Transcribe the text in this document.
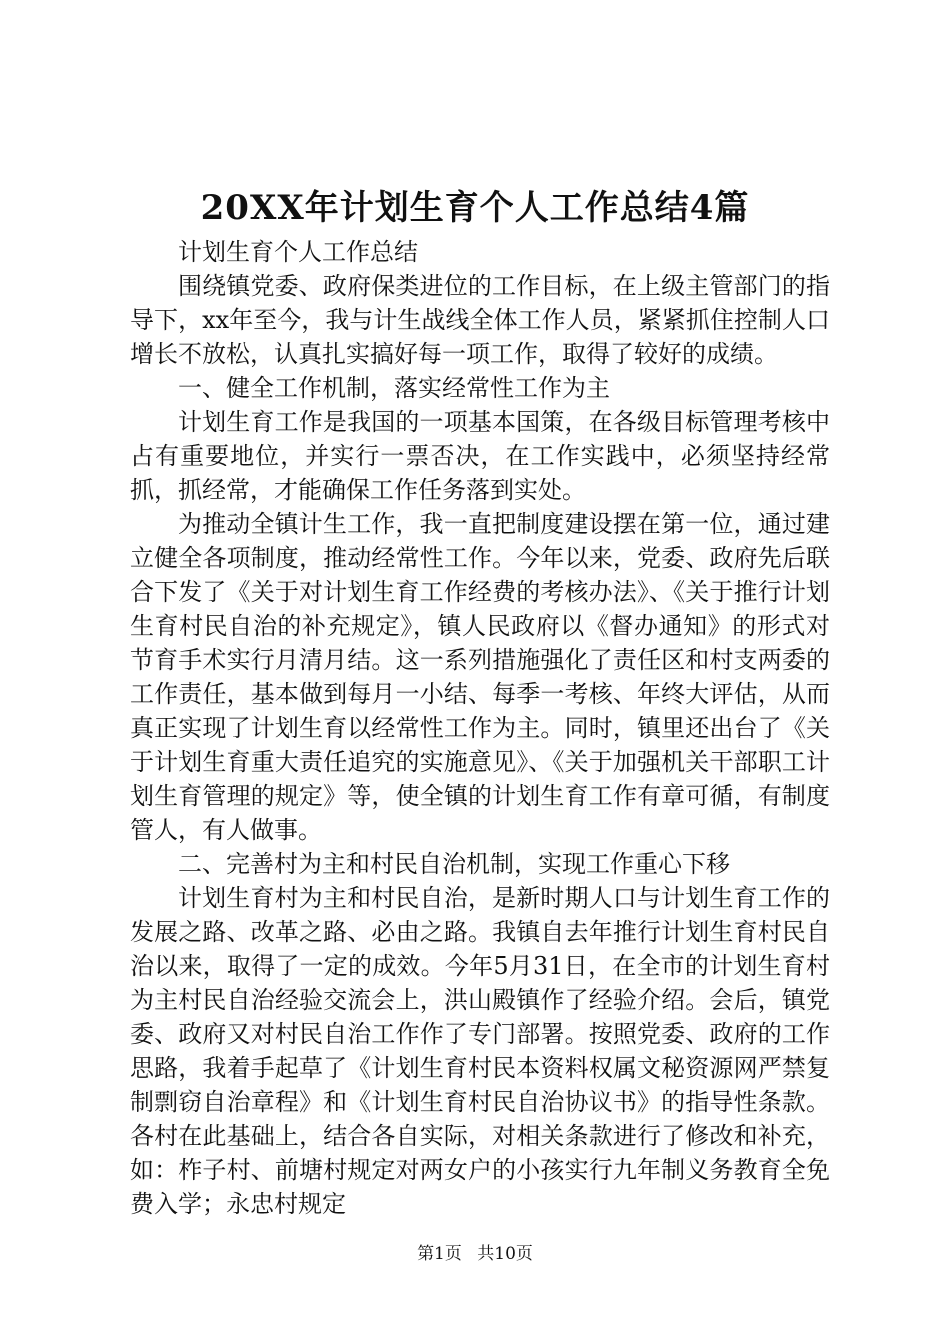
20XX年计划生育个人工作总结4篇

计划生育个人工作总结

围绕镇党委、政府保类进位的工作目标，在上级主管部门的指导下，xx年至今，我与计生战线全体工作人员，紧紧抓住控制人口增长不放松，认真扎实搞好每一项工作，取得了较好的成绩。

一、健全工作机制，落实经常性工作为主

计划生育工作是我国的一项基本国策，在各级目标管理考核中占有重要地位，并实行一票否决，在工作实践中，必须坚持经常抓，抓经常，才能确保工作任务落到实处。

为推动全镇计生工作，我一直把制度建设摆在第一位，通过建立健全各项制度，推动经常性工作。今年以来，党委、政府先后联合下发了《关于对计划生育工作经费的考核办法》、《关于推行计划生育村民自治的补充规定》，镇人民政府以《督办通知》的形式对节育手术实行月清月结。这一系列措施强化了责任区和村支两委的工作责任，基本做到每月一小结、每季一考核、年终大评估，从而真正实现了计划生育以经常性工作为主。同时，镇里还出台了《关于计划生育重大责任追究的实施意见》、《关于加强机关干部职工计划生育管理的规定》等，使全镇的计划生育工作有章可循，有制度管人，有人做事。

二、完善村为主和村民自治机制，实现工作重心下移

计划生育村为主和村民自治，是新时期人口与计划生育工作的发展之路、改革之路、必由之路。我镇自去年推行计划生育村民自治以来，取得了一定的成效。今年5月31日，在全市的计划生育村为主村民自治经验交流会上，洪山殿镇作了经验介绍。会后，镇党委、政府又对村民自治工作作了专门部署。按照党委、政府的工作思路，我着手起草了《计划生育村民本资料权属文秘资源网严禁复制剽窃自治章程》和《计划生育村民自治协议书》的指导性条款。各村在此基础上，结合各自实际，对相关条款进行了修改和补充，如：柞子村、前塘村规定对两女户的小孩实行九年制义务教育全免费入学；永忠村规定

第1页 共10页
